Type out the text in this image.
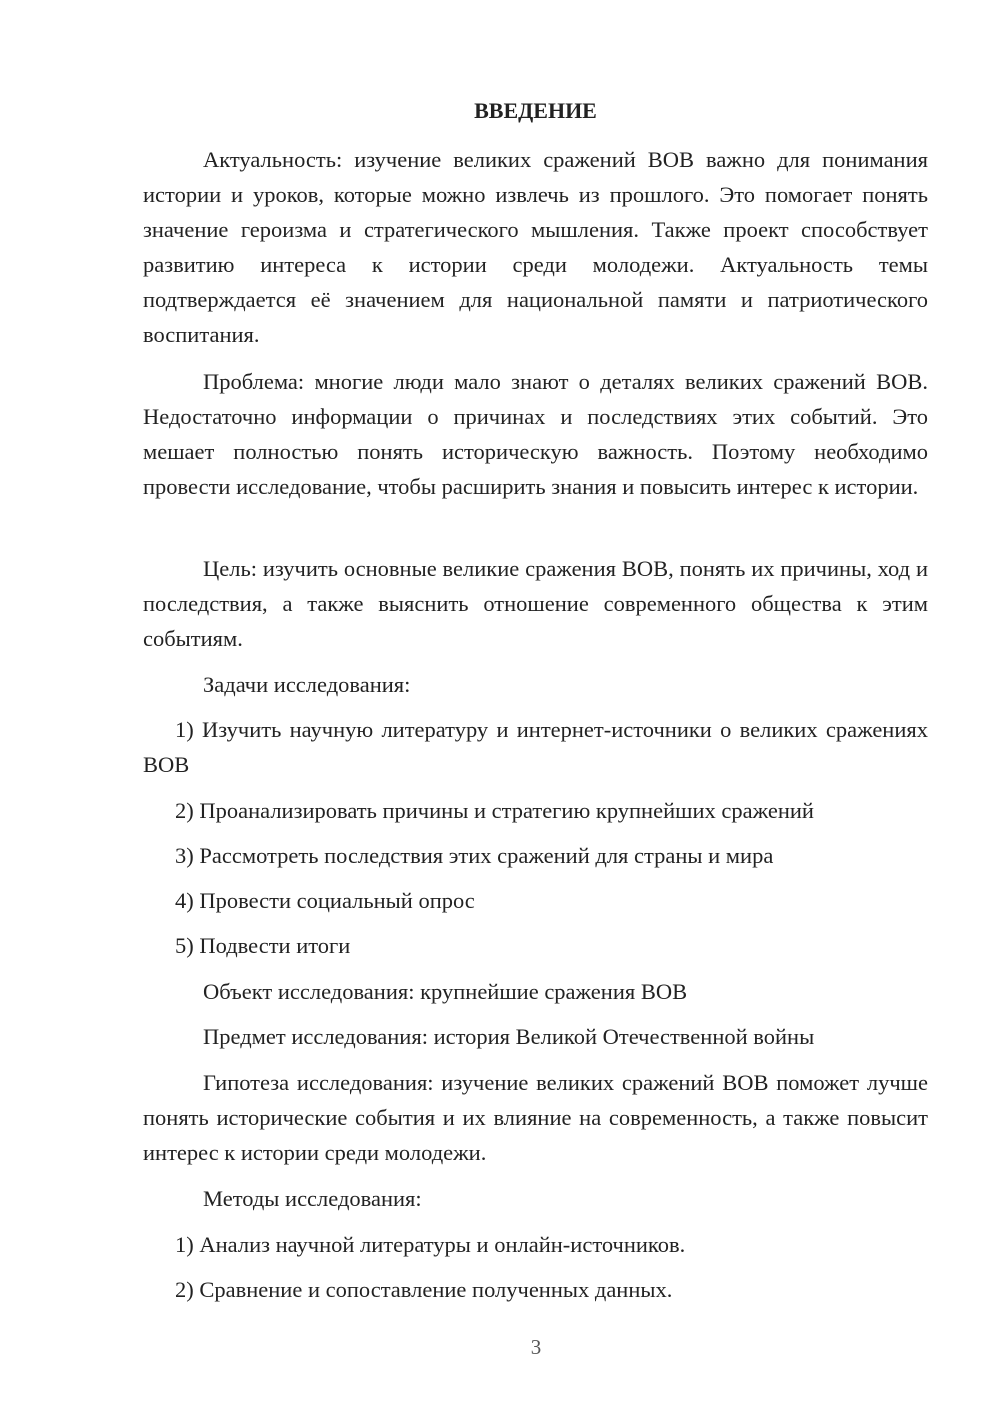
ВВЕДЕНИЕ

Актуальность: изучение великих сражений ВОВ важно для понимания истории и уроков, которые можно извлечь из прошлого. Это помогает понять значение героизма и стратегического мышления. Также проект способствует развитию интереса к истории среди молодежи. Актуальность темы подтверждается её значением для национальной памяти и патриотического воспитания.

Проблема: многие люди мало знают о деталях великих сражений ВОВ. Недостаточно информации о причинах и последствиях этих событий. Это мешает полностью понять историческую важность. Поэтому необходимо провести исследование, чтобы расширить знания и повысить интерес к истории.

Цель: изучить основные великие сражения ВОВ, понять их причины, ход и последствия, а также выяснить отношение современного общества к этим событиям.

Задачи исследования:

1) Изучить научную литературу и интернет-источники о великих сражениях ВОВ

2) Проанализировать причины и стратегию крупнейших сражений

3) Рассмотреть последствия этих сражений для страны и мира

4) Провести социальный опрос

5) Подвести итоги

Объект исследования: крупнейшие сражения ВОВ

Предмет исследования: история Великой Отечественной войны

Гипотеза исследования: изучение великих сражений ВОВ поможет лучше понять исторические события и их влияние на современность, а также повысит интерес к истории среди молодежи.

Методы исследования:

1) Анализ научной литературы и онлайн-источников.

2) Сравнение и сопоставление полученных данных.

3
